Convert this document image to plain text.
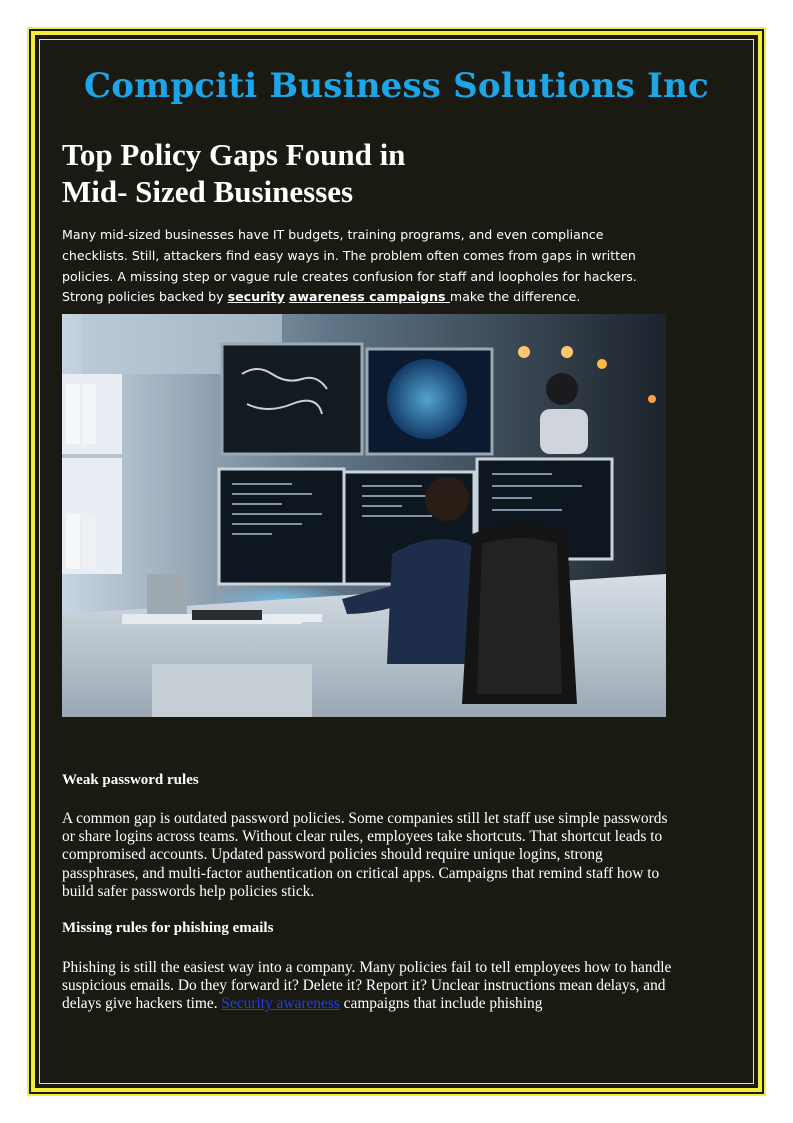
Compciti Business Solutions Inc
Top Policy Gaps Found in
Mid- Sized Businesses

Many mid-sized businesses have IT budgets, training programs, and even compliance checklists. Still, attackers find easy ways in. The problem often comes from gaps in written policies. A missing step or vague rule creates confusion for staff and loopholes for hackers. Strong policies backed by security awareness campaigns make the difference.

Weak password rules

A common gap is outdated password policies. Some companies still let staff use simple passwords or share logins across teams. Without clear rules, employees take shortcuts. That shortcut leads to compromised accounts. Updated password policies should require unique logins, strong passphrases, and multi-factor authentication on critical apps. Campaigns that remind staff how to build safer passwords help policies stick.

Missing rules for phishing emails

Phishing is still the easiest way into a company. Many policies fail to tell employees how to handle suspicious emails. Do they forward it? Delete it? Report it? Unclear instructions mean delays, and delays give hackers time. Security awareness campaigns that include phishing
